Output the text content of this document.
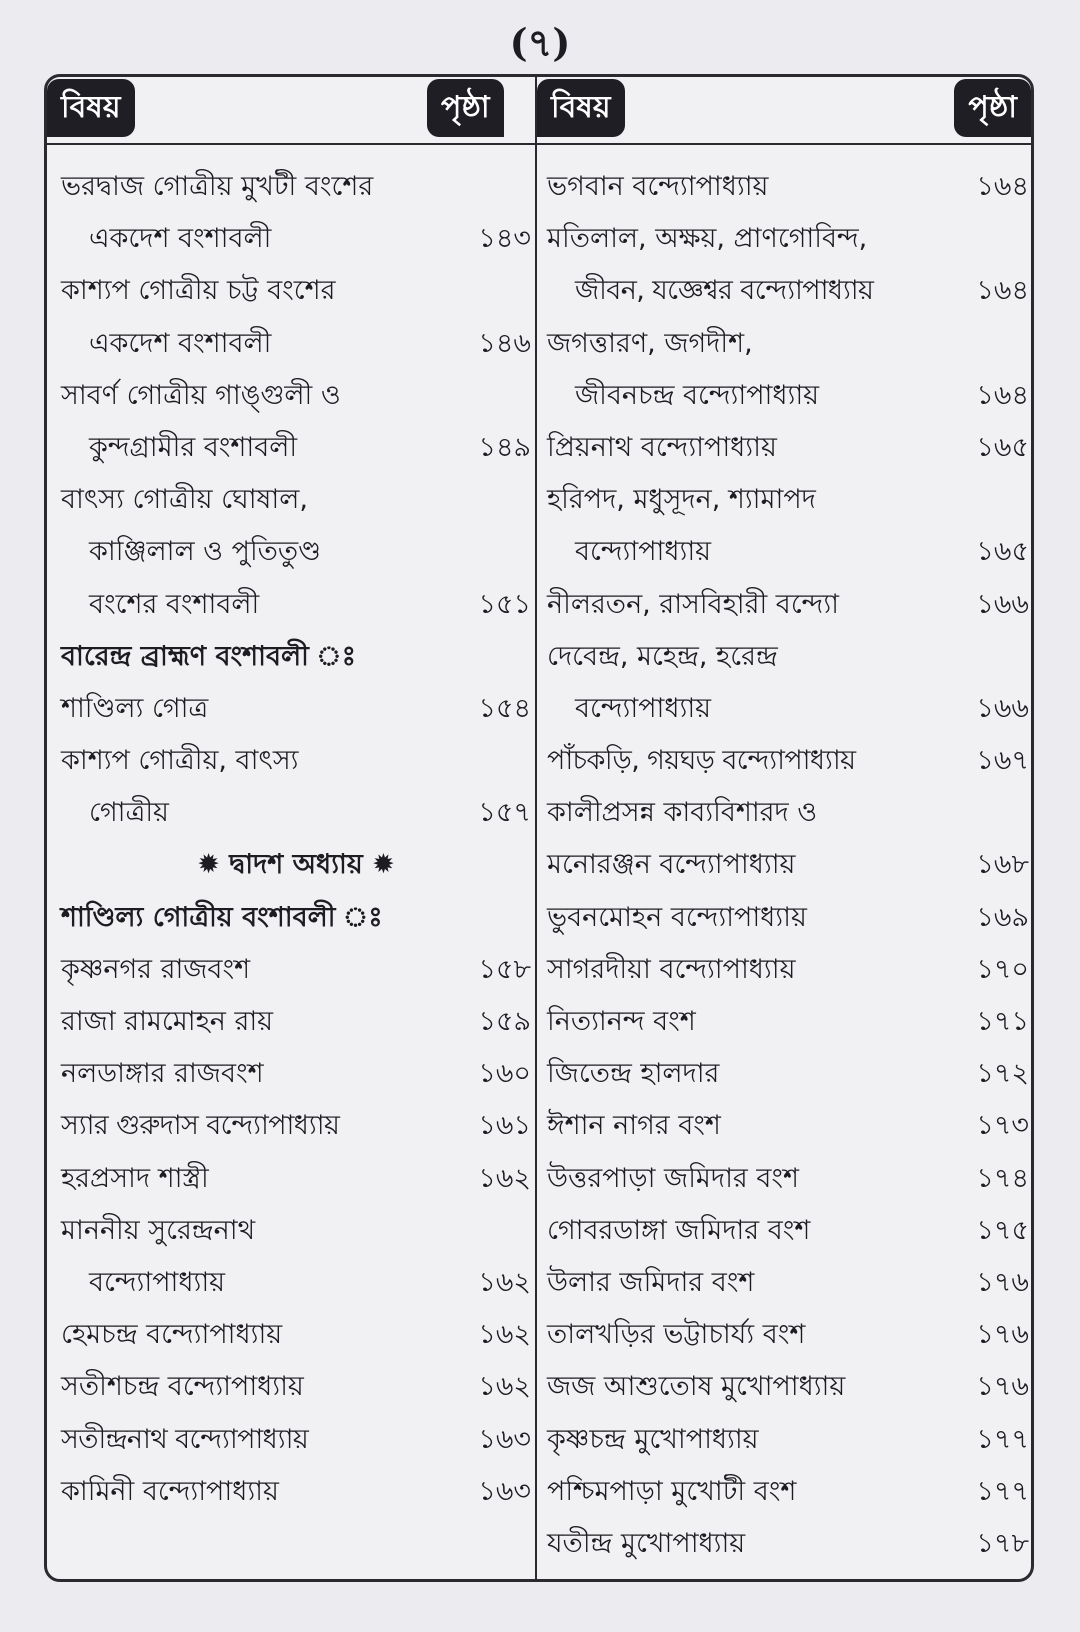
(৭)
বিষয়	পৃষ্ঠা	বিষয়	পৃষ্ঠা
ভরদ্বাজ গোত্রীয় মুখটী বংশের
একদেশ বংশাবলী	১৪৩
কাশ্যপ গোত্রীয় চট্ট বংশের
একদেশ বংশাবলী	১৪৬
সাবর্ণ গোত্রীয় গাঙ্গুলী ও
কুন্দগ্রামীর বংশাবলী	১৪৯
বাৎস্য গোত্রীয় ঘোষাল,
কাঞ্জিলাল ও পুতিতুণ্ড
বংশের বংশাবলী	১৫১
বারেন্দ্র ব্রাহ্মণ বংশাবলী ঃ
শাণ্ডিল্য গোত্র	১৫৪
কাশ্যপ গোত্রীয়, বাৎস্য
গোত্রীয়	১৫৭
✹ দ্বাদশ অধ্যায় ✹
শাণ্ডিল্য গোত্রীয় বংশাবলী ঃ
কৃষ্ণনগর রাজবংশ	১৫৮
রাজা রামমোহন রায়	১৫৯
নলডাঙ্গার রাজবংশ	১৬০
স্যার গুরুদাস বন্দ্যোপাধ্যায়	১৬১
হরপ্রসাদ শাস্ত্রী	১৬২
মাননীয় সুরেন্দ্রনাথ
বন্দ্যোপাধ্যায়	১৬২
হেমচন্দ্র বন্দ্যোপাধ্যায়	১৬২
সতীশচন্দ্র বন্দ্যোপাধ্যায়	১৬২
সতীন্দ্রনাথ বন্দ্যোপাধ্যায়	১৬৩
কামিনী বন্দ্যোপাধ্যায়	১৬৩
ভগবান বন্দ্যোপাধ্যায়	১৬৪
মতিলাল, অক্ষয়, প্রাণগোবিন্দ,
জীবন, যজ্ঞেশ্বর বন্দ্যোপাধ্যায়	১৬৪
জগত্তারণ, জগদীশ,
জীবনচন্দ্র বন্দ্যোপাধ্যায়	১৬৪
প্রিয়নাথ বন্দ্যোপাধ্যায়	১৬৫
হরিপদ, মধুসূদন, শ্যামাপদ
বন্দ্যোপাধ্যায়	১৬৫
নীলরতন, রাসবিহারী বন্দ্যো	১৬৬
দেবেন্দ্র, মহেন্দ্র, হরেন্দ্র
বন্দ্যোপাধ্যায়	১৬৬
পাঁচকড়ি, গয়ঘড় বন্দ্যোপাধ্যায়	১৬৭
কালীপ্রসন্ন কাব্যবিশারদ ও
মনোরঞ্জন বন্দ্যোপাধ্যায়	১৬৮
ভুবনমোহন বন্দ্যোপাধ্যায়	১৬৯
সাগরদীয়া বন্দ্যোপাধ্যায়	১৭০
নিত্যানন্দ বংশ	১৭১
জিতেন্দ্র হালদার	১৭২
ঈশান নাগর বংশ	১৭৩
উত্তরপাড়া জমিদার বংশ	১৭৪
গোবরডাঙ্গা জমিদার বংশ	১৭৫
উলার জমিদার বংশ	১৭৬
তালখড়ির ভট্টাচার্য্য বংশ	১৭৬
জজ আশুতোষ মুখোপাধ্যায়	১৭৬
কৃষ্ণচন্দ্র মুখোপাধ্যায়	১৭৭
পশ্চিমপাড়া মুখোটী বংশ	১৭৭
যতীন্দ্র মুখোপাধ্যায়	১৭৮
